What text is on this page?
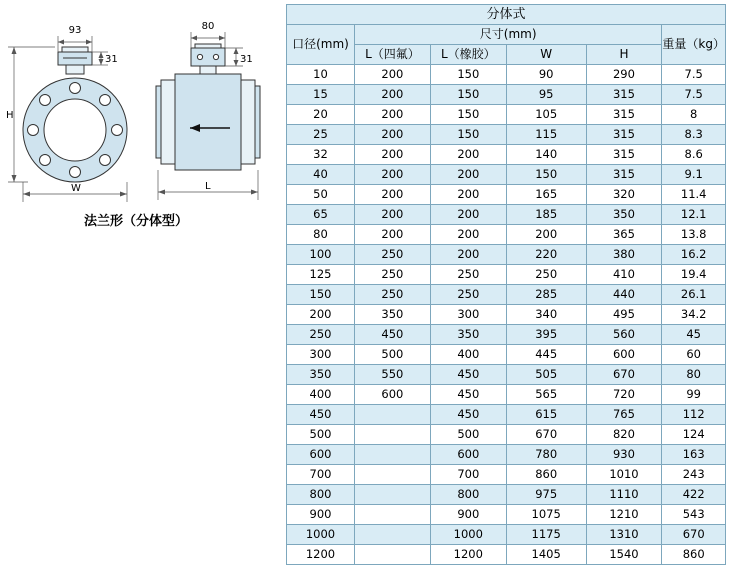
93
31
H
W
80
31
L
法兰形（分体型）
分体式					
口径(mm)	尺寸(mm)				重量（kg）
	L（四氟）	L（橡胶）	W	H	
10	200	150	90	290	7.5
15	200	150	95	315	7.5
20	200	150	105	315	8
25	200	150	115	315	8.3
32	200	200	140	315	8.6
40	200	200	150	315	9.1
50	200	200	165	320	11.4
65	200	200	185	350	12.1
80	200	200	200	365	13.8
100	250	200	220	380	16.2
125	250	250	250	410	19.4
150	250	250	285	440	26.1
200	350	300	340	495	34.2
250	450	350	395	560	45
300	500	400	445	600	60
350	550	450	505	670	80
400	600	450	565	720	99
450		450	615	765	112
500		500	670	820	124
600		600	780	930	163
700		700	860	1010	243
800		800	975	1110	422
900		900	1075	1210	543
1000		1000	1175	1310	670
1200		1200	1405	1540	860
